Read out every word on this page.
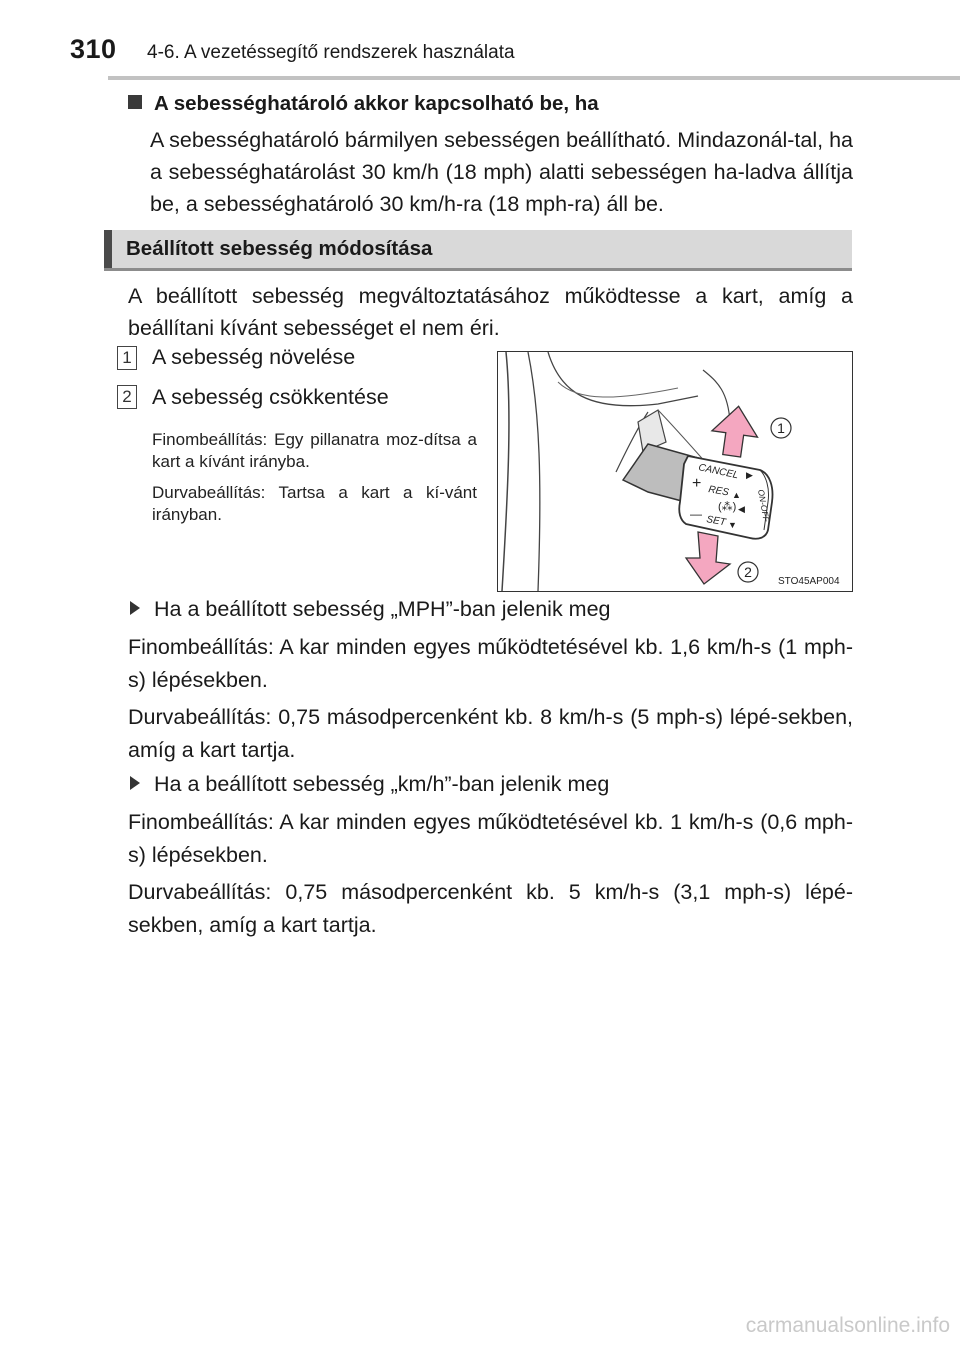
310 4-6. A vezetéssegítő rendszerek használata
A sebességhatároló akkor kapcsolható be, ha
A sebességhatároló bármilyen sebességen beállítható. Mindazonál-tal, ha a sebességhatárolást 30 km/h (18 mph) alatti sebességen ha-ladva állítja be, a sebességhatároló 30 km/h-ra (18 mph-ra) áll be.
Beállított sebesség módosítása
A beállított sebesség megváltoztatásához működtesse a kart, amíg a beállítani kívánt sebességet el nem éri.
1 A sebesség növelése
2 A sebesség csökkentése
Finombeállítás: Egy pillanatra moz-dítsa a kart a kívánt irányba.
Durvabeállítás: Tartsa a kart a kí-vánt irányban.
CANCEL ▶
+ RES ▲
(⁂) ◀
—
SET ▼
ON-OFF
1
2
STO45AP004
Ha a beállított sebesség „MPH”-ban jelenik meg
Finombeállítás: A kar minden egyes működtetésével kb. 1,6 km/h-s (1 mph-s) lépésekben.
Durvabeállítás: 0,75 másodpercenként kb. 8 km/h-s (5 mph-s) lépé-sekben, amíg a kart tartja.
Ha a beállított sebesség „km/h”-ban jelenik meg
Finombeállítás: A kar minden egyes működtetésével kb. 1 km/h-s (0,6 mph-s) lépésekben.
Durvabeállítás: 0,75 másodpercenként kb. 5 km/h-s (3,1 mph-s) lépé-sekben, amíg a kart tartja.
carmanualsonline.info
